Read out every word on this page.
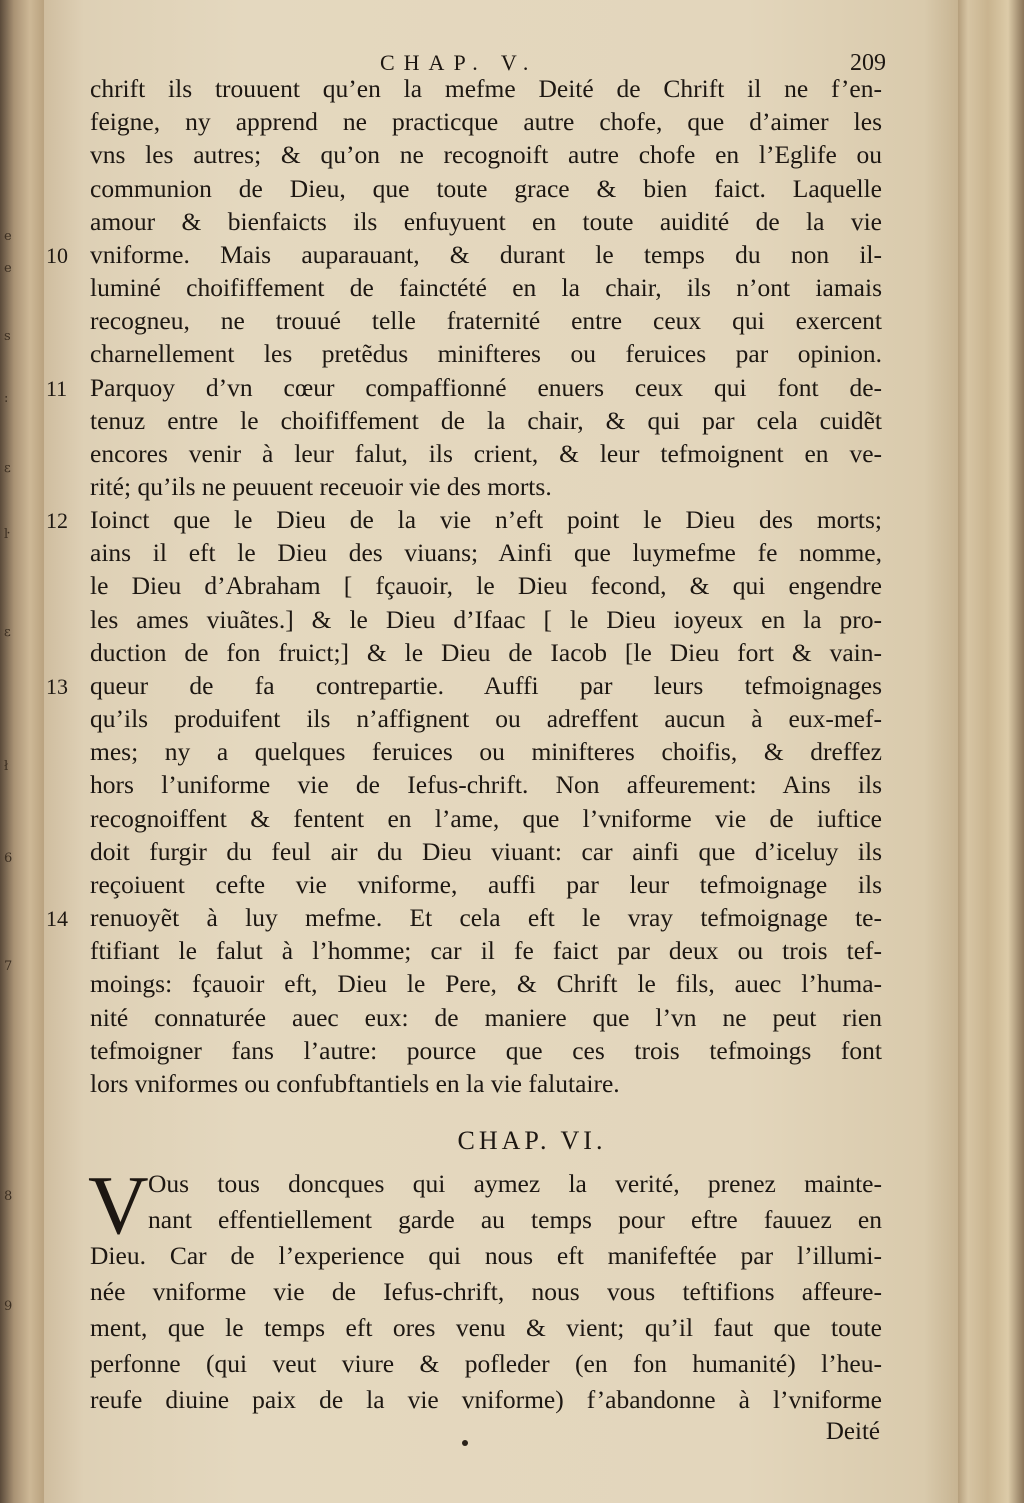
e
e
s
:
ε
ŀ
ε
ł
6
7
8
9
CHAP. V.	209
chrift ils trouuent qu’en la mefme Deité de Chrift il ne f’en-
feigne, ny apprend ne practicque autre chofe, que d’aimer les
vns les autres; & qu’on ne recognoift autre chofe en l’Eglife ou
communion de Dieu, que toute grace & bien faict. Laquelle
amour & bienfaicts ils enfuyuent en toute auidité de la vie
vniforme. Mais auparauant, & durant le temps du non il-
luminé choififfement de fainctété en la chair, ils n’ont iamais
recogneu, ne trouué telle fraternité entre ceux qui exercent
charnellement les pretẽdus minifteres ou feruices par opinion.
Parquoy d’vn cœur compaffionné enuers ceux qui font de-
tenuz entre le choififfement de la chair, & qui par cela cuidẽt
encores venir à leur falut, ils crient, & leur tefmoignent en ve-
rité; qu’ils ne peuuent receuoir vie des morts.
Ioinct que le Dieu de la vie n’eft point le Dieu des morts;
ains il eft le Dieu des viuans; Ainfi que luymefme fe nomme,
le Dieu d’Abraham [ fçauoir, le Dieu fecond, & qui engendre
les ames viuãtes.] & le Dieu d’Ifaac [ le Dieu ioyeux en la pro-
duction de fon fruict;] & le Dieu de Iacob [le Dieu fort & vain-
queur de fa contrepartie. Auffi par leurs tefmoignages
qu’ils produifent ils n’affignent ou adreffent aucun à eux-mef-
mes; ny a quelques feruices ou minifteres choifis, & dreffez
hors l’uniforme vie de Iefus-chrift. Non affeurement: Ains ils
recognoiffent & fentent en l’ame, que l’vniforme vie de iuftice
doit furgir du feul air du Dieu viuant: car ainfi que d’iceluy ils
reçoiuent cefte vie vniforme, auffi par leur tefmoignage ils
renuoyẽt à luy mefme. Et cela eft le vray tefmoignage te-
ftifiant le falut à l’homme; car il fe faict par deux ou trois tef-
moings: fçauoir eft, Dieu le Pere, & Chrift le fils, auec l’huma-
nité connaturée auec eux: de maniere que l’vn ne peut rien
10
11
12
13
14
CHAP. VI.
V Ous tous doncques qui aymez la verité, prenez mainte-
nant effentiellement garde au temps pour eftre fauuez en
Dieu. Car de l’experience qui nous eft manifeftée par l’illumi-
née vniforme vie de Iefus-chrift, nous vous teftifions affeure-
ment, que le temps eft ores venu & vient; qu’il faut que toute
perfonne (qui veut viure & pofleder (en fon humanité) l’heu-
reufe diuine paix de la vie vniforme) f’abandonne à l’vniforme
Deité
tefmoigner fans l’autre: pource que ces trois tefmoings font
lors vniformes ou confubftantiels en la vie falutaire.
